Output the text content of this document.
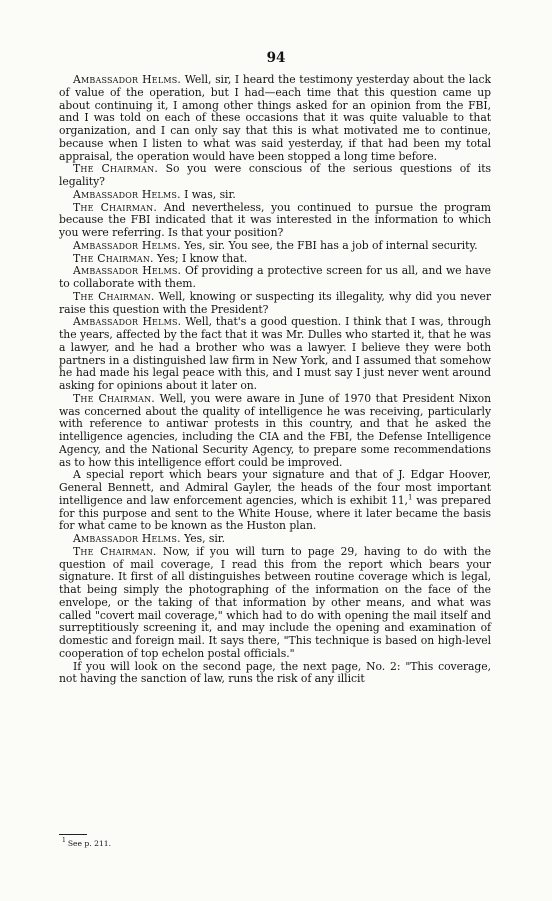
94

Ambassador Helms. Well, sir, I heard the testimony yesterday about the lack of value of the operation, but I had—each time that this question came up about continuing it, I among other things asked for an opinion from the FBI, and I was told on each of these occasions that it was quite valuable to that organization, and I can only say that this is what motivated me to continue, because when I listen to what was said yesterday, if that had been my total appraisal, the operation would have been stopped a long time before.

The Chairman. So you were conscious of the serious questions of its legality?

Ambassador Helms. I was, sir.

The Chairman. And nevertheless, you continued to pursue the program because the FBI indicated that it was interested in the information to which you were referring. Is that your position?

Ambassador Helms. Yes, sir. You see, the FBI has a job of internal security.

The Chairman. Yes; I know that.

Ambassador Helms. Of providing a protective screen for us all, and we have to collaborate with them.

The Chairman. Well, knowing or suspecting its illegality, why did you never raise this question with the President?

Ambassador Helms. Well, that's a good question. I think that I was, through the years, affected by the fact that it was Mr. Dulles who started it, that he was a lawyer, and he had a brother who was a lawyer. I believe they were both partners in a distinguished law firm in New York, and I assumed that somehow he had made his legal peace with this, and I must say I just never went around asking for opinions about it later on.

The Chairman. Well, you were aware in June of 1970 that President Nixon was concerned about the quality of intelligence he was receiving, particularly with reference to antiwar protests in this country, and that he asked the intelligence agencies, including the CIA and the FBI, the Defense Intelligence Agency, and the National Security Agency, to prepare some recommendations as to how this intelligence effort could be improved.

A special report which bears your signature and that of J. Edgar Hoover, General Bennett, and Admiral Gayler, the heads of the four most important intelligence and law enforcement agencies, which is exhibit 11,$^1$ was prepared for this purpose and sent to the White House, where it later became the basis for what came to be known as the Huston plan.

Ambassador Helms. Yes, sir.

The Chairman. Now, if you will turn to page 29, having to do with the question of mail coverage, I read this from the report which bears your signature. It first of all distinguishes between routine coverage which is legal, that being simply the photographing of the information on the face of the envelope, or the taking of that information by other means, and what was called "covert mail coverage," which had to do with opening the mail itself and surreptitiously screening it, and may include the opening and examination of domestic and foreign mail. It says there, "This technique is based on high-level cooperation of top echelon postal officials."

If you will look on the second page, the next page, No. 2: "This coverage, not having the sanction of law, runs the risk of any illicit

$^1$ See p. 211.
